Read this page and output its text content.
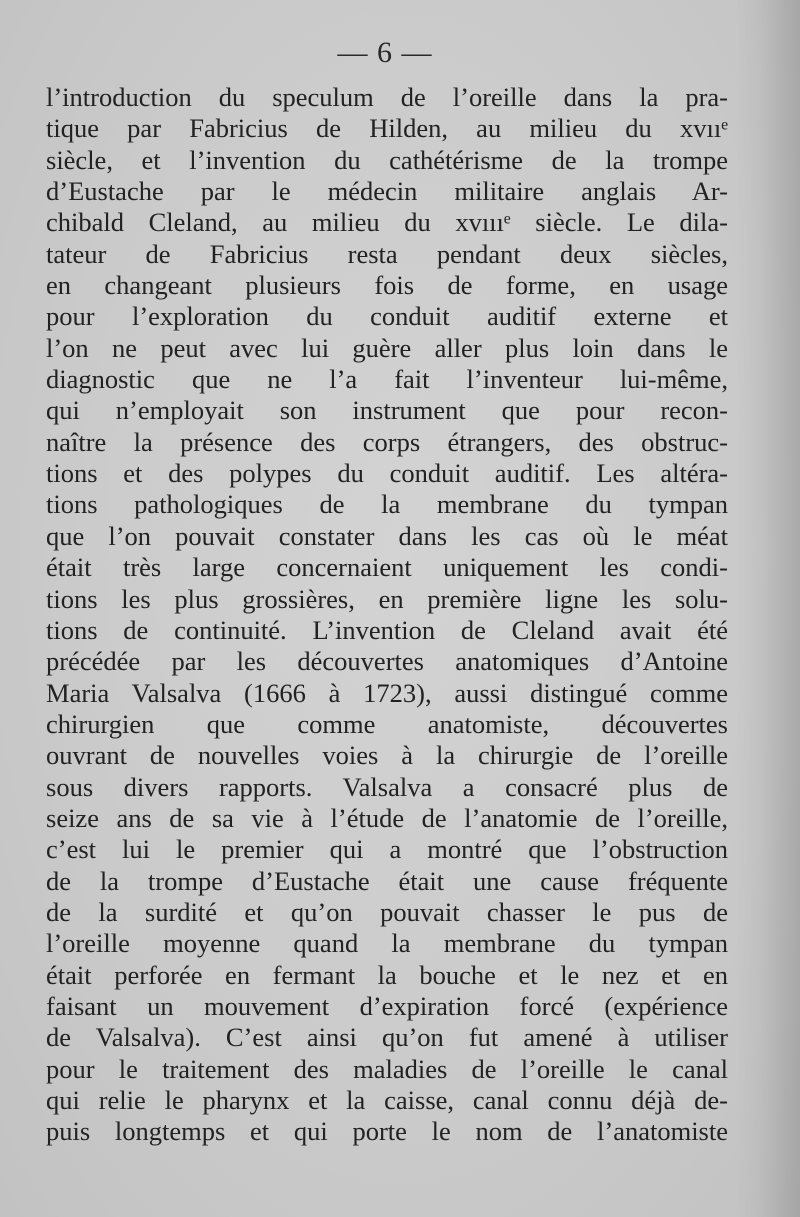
— 6 —
l’introduction du speculum de l’oreille dans la pra-
tique par Fabricius de Hilden, au milieu du xvııᵉ
siècle, et l’invention du cathétérisme de la trompe
d’Eustache par le médecin militaire anglais Ar-
chibald Cleland, au milieu du xvıııᵉ siècle. Le dila-
tateur de Fabricius resta pendant deux siècles,
en changeant plusieurs fois de forme, en usage
pour l’exploration du conduit auditif externe et
l’on ne peut avec lui guère aller plus loin dans le
diagnostic que ne l’a fait l’inventeur lui-même,
qui n’employait son instrument que pour recon-
naître la présence des corps étrangers, des obstruc-
tions et des polypes du conduit auditif. Les altéra-
tions pathologiques de la membrane du tympan
que l’on pouvait constater dans les cas où le méat
était très large concernaient uniquement les condi-
tions les plus grossières, en première ligne les solu-
tions de continuité. L’invention de Cleland avait été
précédée par les découvertes anatomiques d’Antoine
Maria Valsalva (1666 à 1723), aussi distingué comme
chirurgien que comme anatomiste, découvertes
ouvrant de nouvelles voies à la chirurgie de l’oreille
sous divers rapports. Valsalva a consacré plus de
seize ans de sa vie à l’étude de l’anatomie de l’oreille,
c’est lui le premier qui a montré que l’obstruction
de la trompe d’Eustache était une cause fréquente
de la surdité et qu’on pouvait chasser le pus de
l’oreille moyenne quand la membrane du tympan
était perforée en fermant la bouche et le nez et en
faisant un mouvement d’expiration forcé (expérience
de Valsalva). C’est ainsi qu’on fut amené à utiliser
pour le traitement des maladies de l’oreille le canal
qui relie le pharynx et la caisse, canal connu déjà de-
puis longtemps et qui porte le nom de l’anatomiste
